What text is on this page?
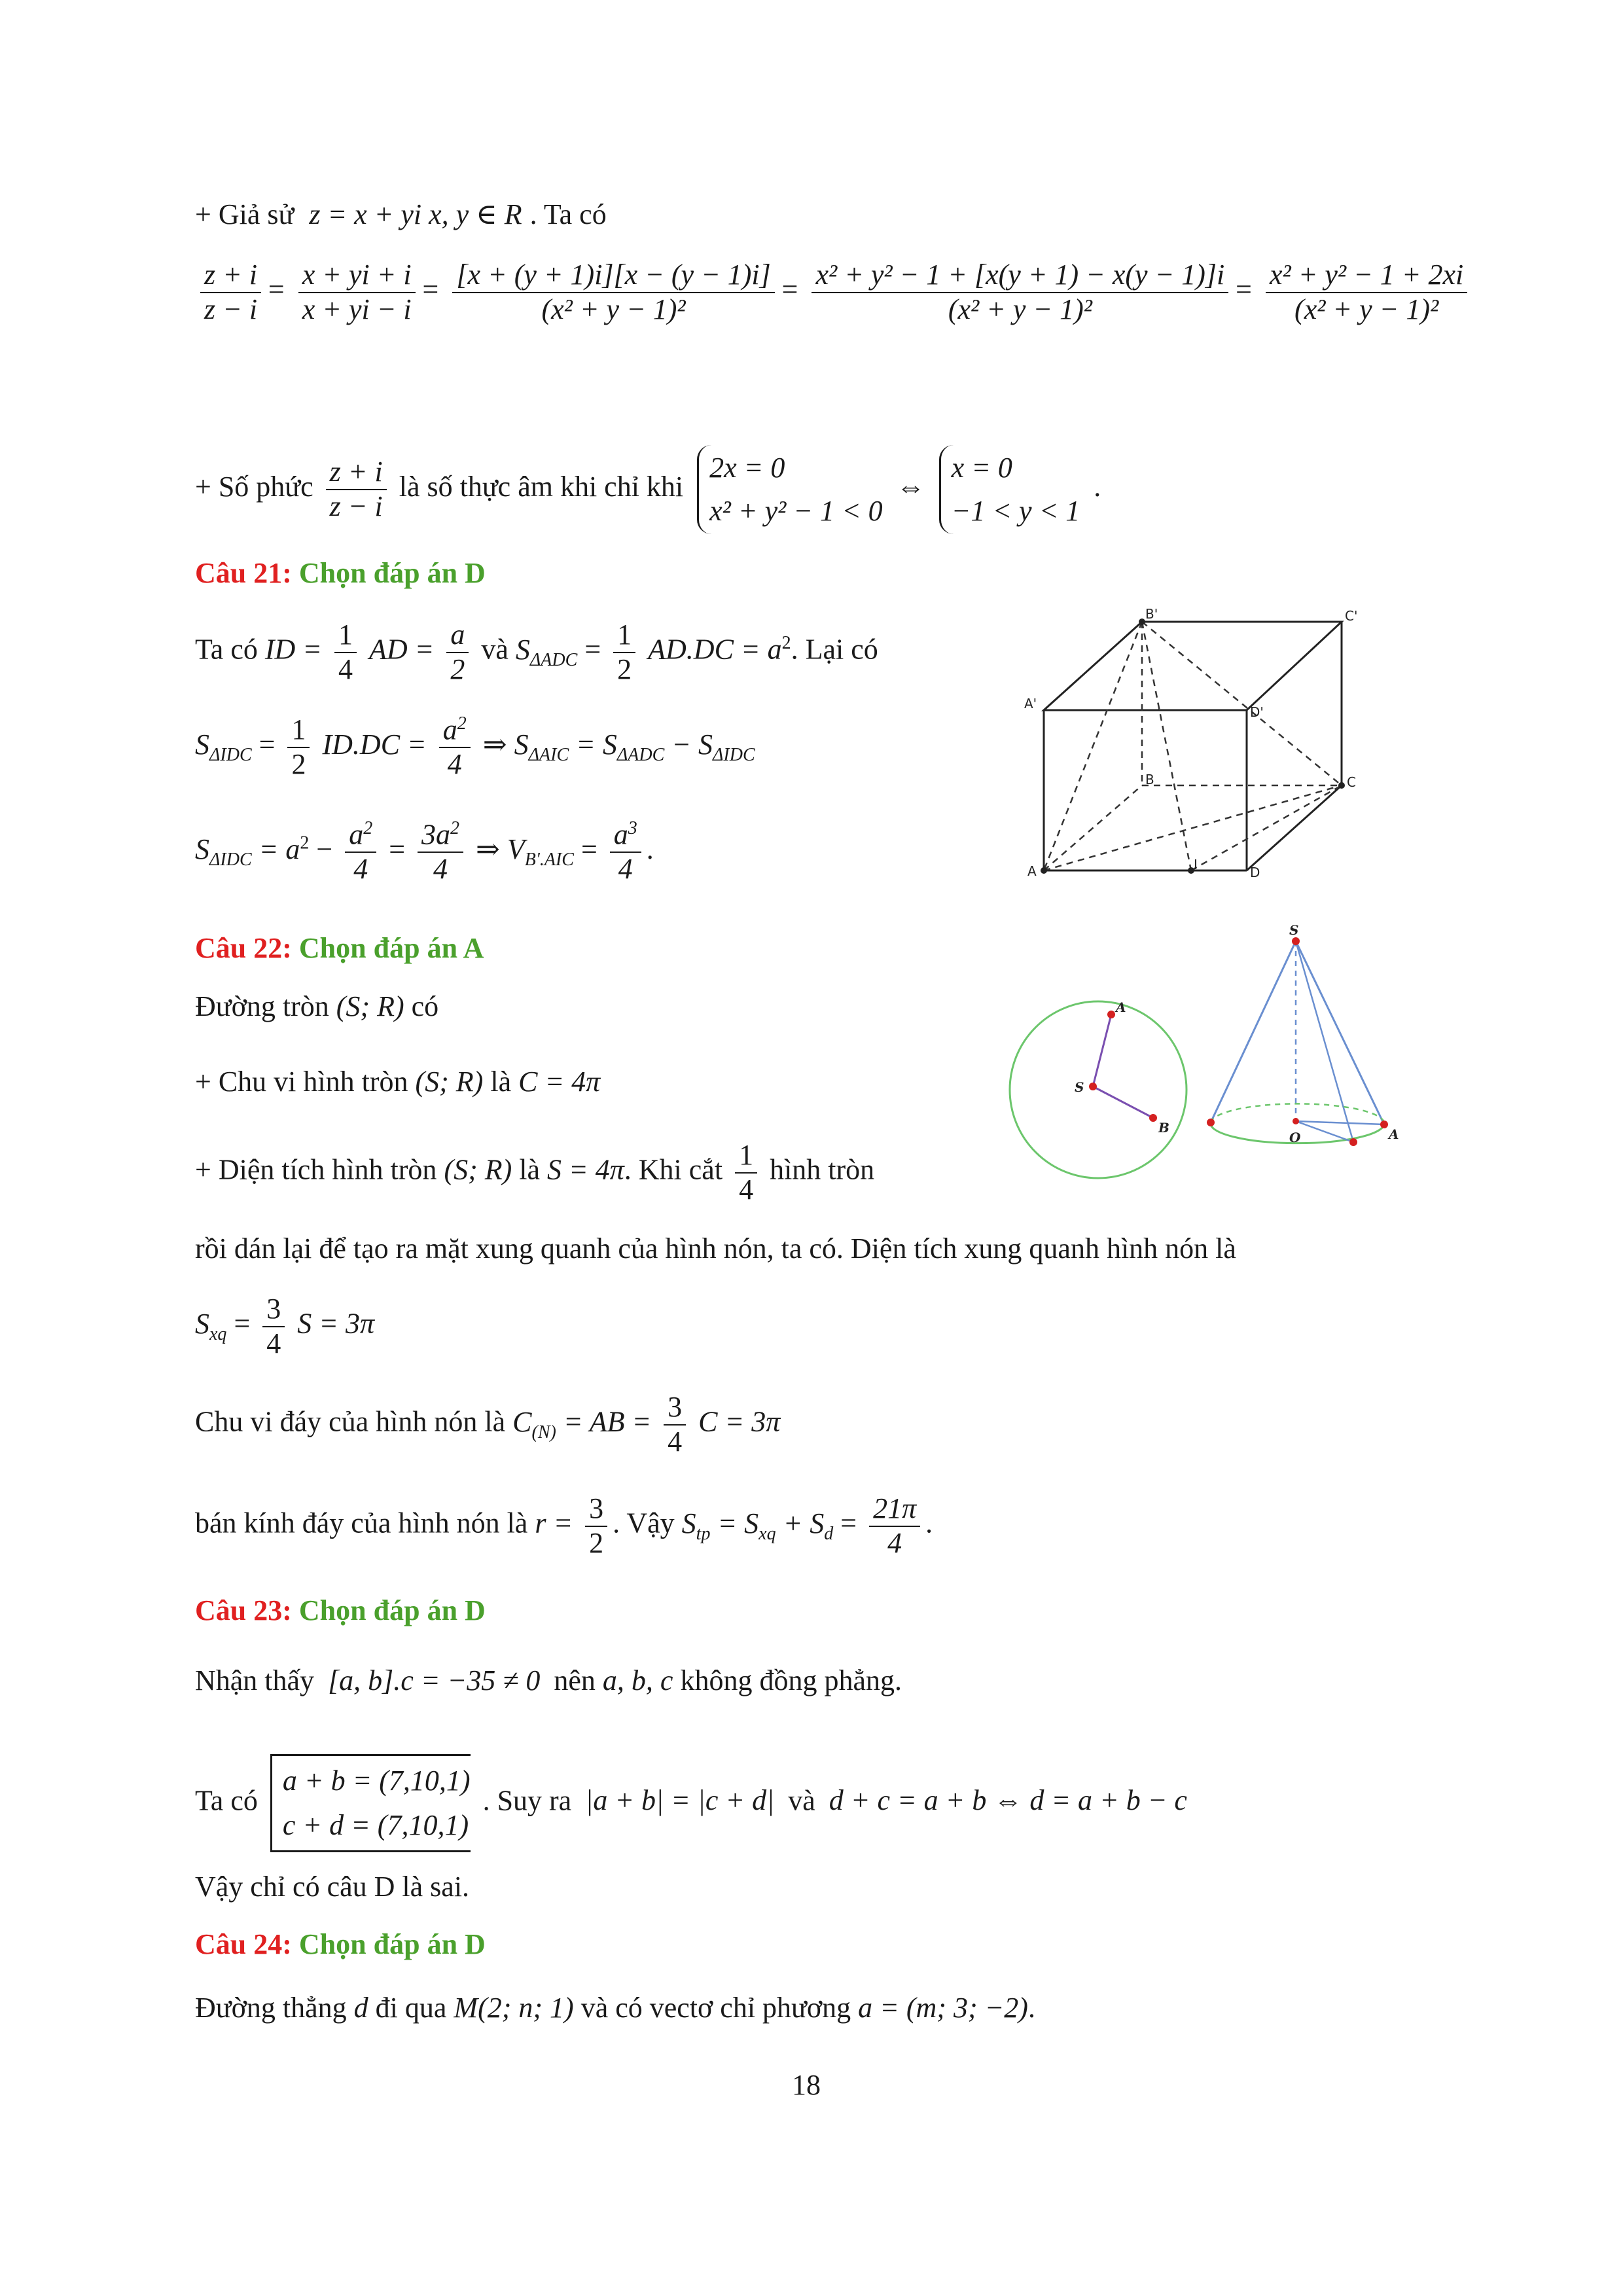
+ Giả sử z = x + yi x, y ∈ R . Ta có
$\frac{z + i}{z - i} = \frac{x + yi + i}{x + yi - i} = \frac{[x + (y + 1)i][x - (y - 1)i]}{\text{(x² + y − 1)²}} = \frac{\text{x² + y² − 1 + [x(y + 1) − x(y − 1)]i}}{\text{(x² + y − 1)²}} = \frac{\text{x² + y² − 1 + 2xi}}{\text{(x² + y − 1)²}}$
+ Số phức $\frac{z + i}{z - i}$ là số thực âm khi chỉ khi
2x = 0
x² + y² − 1 < 0
⇔
x = 0
−1 < y < 1
.
Câu 21: Chọn đáp án D
Ta có ID = $\frac{1}{4}$ AD = $\frac{a}{2}$ và $S_{\Delta ADC} = \frac{1}{2} AD.DC = a^2$. Lại có
$S_{\Delta IDC} = \frac{1}{2} ID.DC = \frac{a^2}{4}$ ⇒ $S_{\Delta AIC} = S_{\Delta ADC} - S_{\Delta IDC}$
$S_{\Delta IDC} = a^2 - \frac{a^2}{4} = \frac{3a^2}{4}$ ⇒ $V_{B'.AIC} = \frac{a^3}{4}$ .
B'	C'
A'
D'
B	C
A	I	D
Câu 22: Chọn đáp án A
Đường tròn (S; R) có
+ Chu vi hình tròn (S; R) là C = 4π
+ Diện tích hình tròn (S; R) là S = 4π. Khi cắt $\frac{1}{4}$ hình tròn
rồi dán lại để tạo ra mặt xung quanh của hình nón, ta có. Diện tích xung quanh hình nón là
$S_{xq} = \frac{3}{4}$ S = 3π
Chu vi đáy của hình nón là $C_{(N)}$ = AB = $\frac{3}{4}$ C = 3π
bán kính đáy của hình nón là $r = \frac{3}{2}$ . Vậy $S_{tp} = S_{xq} + S_d = \frac{21\pi}{4}$ .
A
S
B
S
O	A
Câu 23: Chọn đáp án D
Nhận thấy [a, b].c = −35 ≠ 0 nên a, b, c không đồng phẳng.
Ta có
a + b = (7,10,1)
c + d = (7,10,1)
. Suy ra |a + b| = |c + d| và d + c = a + b ⇔ d = a + b − c
Vậy chỉ có câu D là sai.
Câu 24: Chọn đáp án D
Đường thẳng d đi qua M(2; n; 1) và có vectơ chỉ phương a = (m; 3; −2).
18
